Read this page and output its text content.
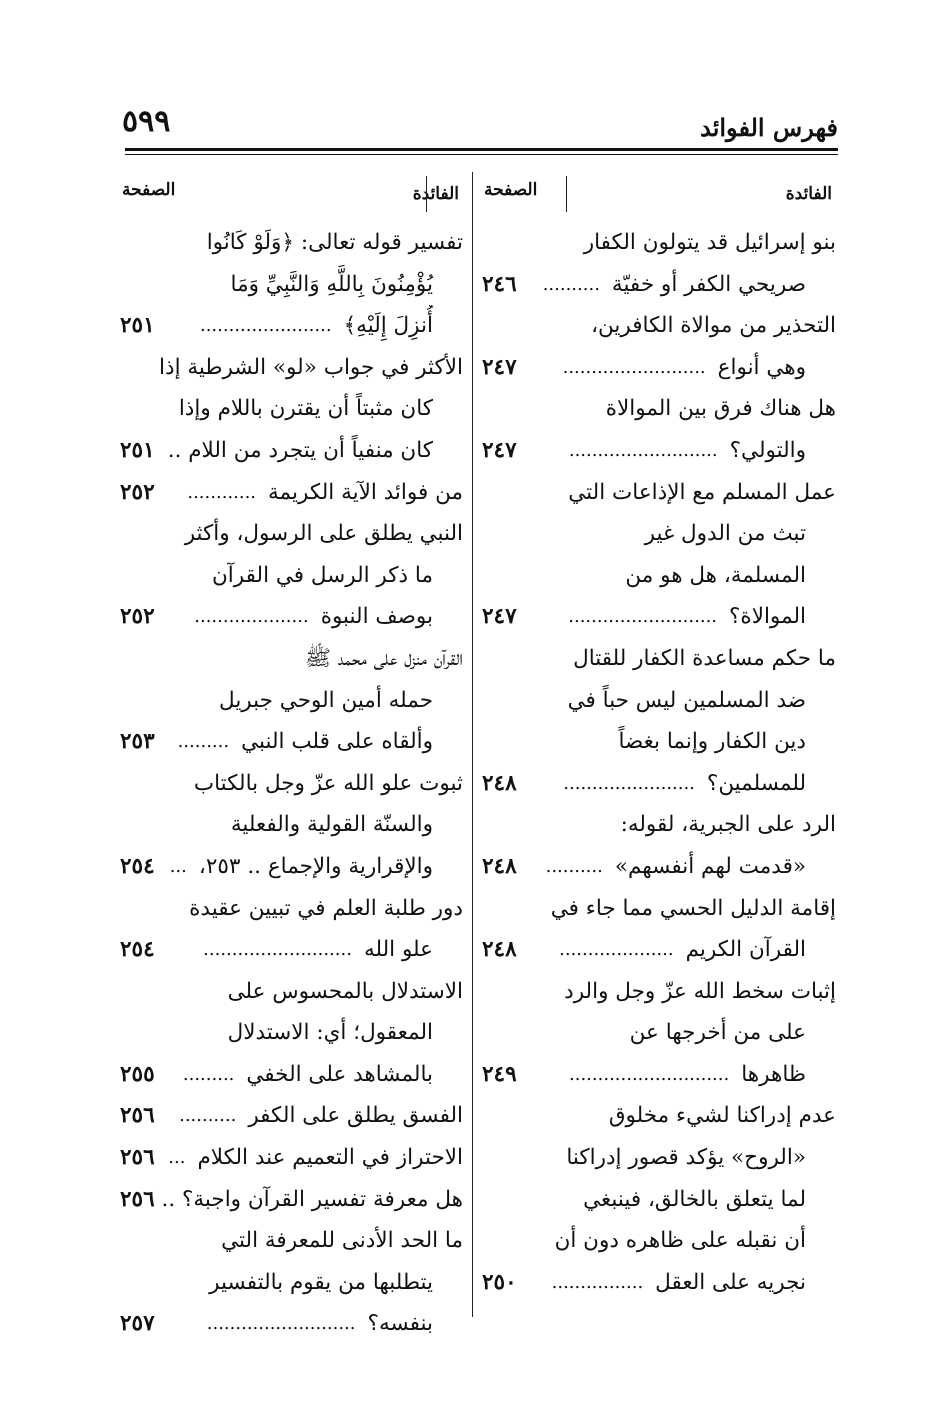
فهرس الفوائد
٥٩٩
الفائدة
الصفحة
بنو إسرائيل قد يتولون الكفار
صريحي الكفر أو خفيّة
..........
٢٤٦
التحذير من موالاة الكافرين،
وهي أنواع
.........................
٢٤٧
هل هناك فرق بين الموالاة
والتولي؟
..........................
٢٤٧
عمل المسلم مع الإذاعات التي
تبث من الدول غير
المسلمة، هل هو من
الموالاة؟
..........................
٢٤٧
ما حكم مساعدة الكفار للقتال
ضد المسلمين ليس حباً في
دين الكفار وإنما بغضاً
للمسلمين؟
.......................
٢٤٨
الرد على الجبرية، لقوله:
«قدمت لهم أنفسهم»
..........
٢٤٨
إقامة الدليل الحسي مما جاء في
القرآن الكريم
....................
٢٤٨
إثبات سخط الله عزّ وجل والرد
على من أخرجها عن
ظاهرها
............................
٢٤٩
عدم إدراكنا لشيء مخلوق
«الروح» يؤكد قصور إدراكنا
لما يتعلق بالخالق، فينبغي
أن نقبله على ظاهره دون أن
نجريه على العقل
................
٢٥٠
الفائدة
الصفحة
تفسير قوله تعالى: ﴿وَلَوْ كَانُوا
يُؤْمِنُونَ بِاللَّهِ وَالنَّبِيِّ وَمَا
أُنزِلَ إِلَيْهِ﴾
.......................
٢٥١
الأكثر في جواب «لو» الشرطية إذا
كان مثبتاً أن يقترن باللام وإذا
كان منفياً أن يتجرد من اللام ..
٢٥١
من فوائد الآية الكريمة
............
٢٥٢
النبي يطلق على الرسول، وأكثر
ما ذكر الرسل في القرآن
بوصف النبوة
....................
٢٥٢
القرآن منزل على محمد ﷺ
حمله أمين الوحي جبريل
وألقاه على قلب النبي
.........
٢٥٣
ثبوت علو الله عزّ وجل بالكتاب
والسنّة القولية والفعلية
والإقرارية والإجماع .. ٢٥٣،
...
٢٥٤
دور طلبة العلم في تبيين عقيدة
علو الله
..........................
٢٥٤
الاستدلال بالمحسوس على
المعقول؛ أي: الاستدلال
بالمشاهد على الخفي
.........
٢٥٥
الفسق يطلق على الكفر
..........
٢٥٦
الاحتراز في التعميم عند الكلام
...
٢٥٦
هل معرفة تفسير القرآن واجبة؟ ..
٢٥٦
ما الحد الأدنى للمعرفة التي
يتطلبها من يقوم بالتفسير
بنفسه؟
..........................
٢٥٧
